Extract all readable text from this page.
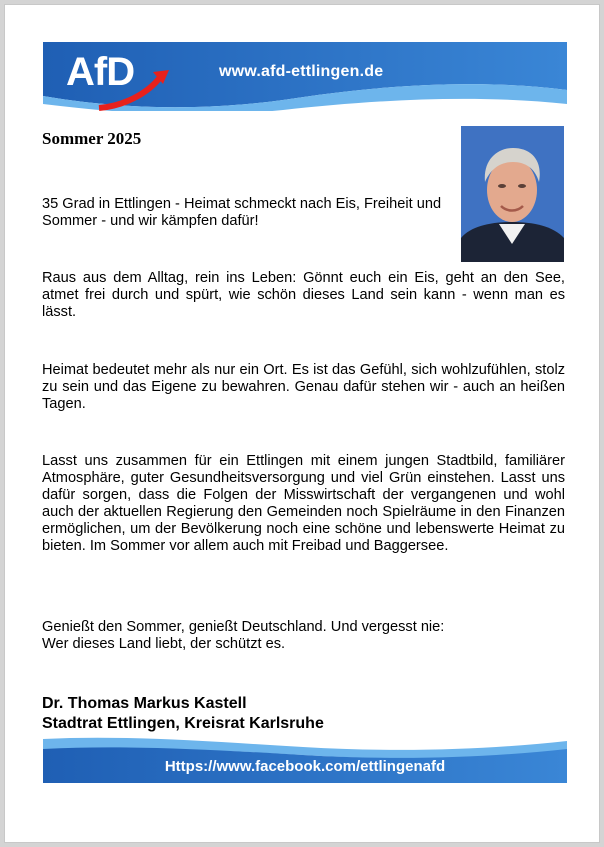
AfD	www.afd-ettlingen.de
Sommer 2025
35 Grad in Ettlingen - Heimat schmeckt nach Eis, Freiheit und Sommer - und wir kämpfen dafür!
Raus aus dem Alltag, rein ins Leben: Gönnt euch ein Eis, geht an den See, atmet frei durch und spürt, wie schön dieses Land sein kann - wenn man es lässt.
Heimat bedeutet mehr als nur ein Ort. Es ist das Gefühl, sich wohlzufühlen, stolz zu sein und das Eigene zu bewahren. Genau dafür stehen wir - auch an heißen Tagen.
Lasst uns zusammen für ein Ettlingen mit einem jungen Stadtbild, familiärer Atmosphäre, guter Gesundheitsversorgung und viel Grün einstehen. Lasst uns dafür sorgen, dass die Folgen der Misswirtschaft der vergangenen und wohl auch der aktuellen Regierung den Gemeinden noch Spielräume in den Finanzen ermöglichen, um der Bevölkerung noch eine schöne und lebenswerte Heimat zu bieten. Im Sommer vor allem auch mit Freibad und Baggersee.
Genießt den Sommer, genießt Deutschland. Und vergesst nie:
Wer dieses Land liebt, der schützt es.
Dr. Thomas Markus Kastell
Stadtrat Ettlingen, Kreisrat Karlsruhe
Https://www.facebook.com/ettlingenafd
